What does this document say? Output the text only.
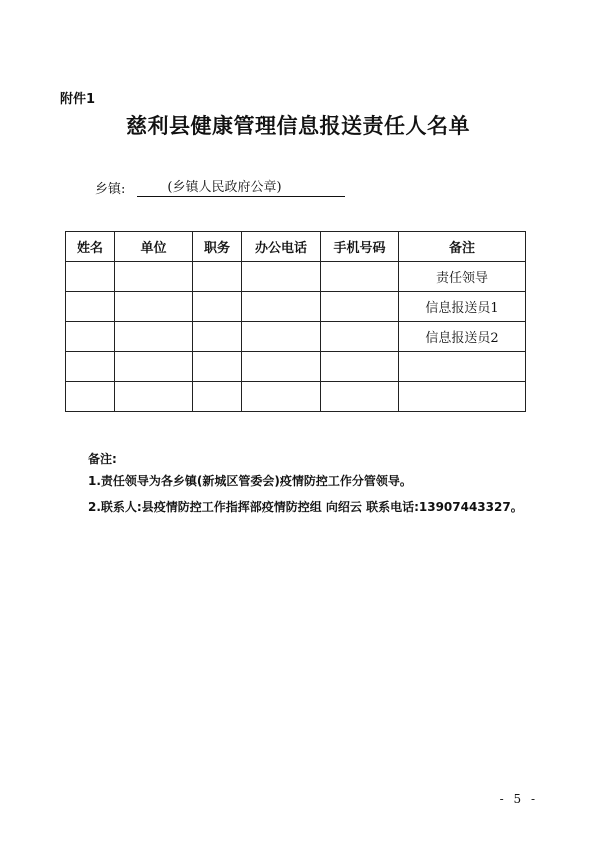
附件1
慈利县健康管理信息报送责任人名单
乡镇:	(乡镇人民政府公章)
姓名	单位	职务	办公电话	手机号码	备注
					责任领导
					信息报送员1
					信息报送员2

备注:
1.责任领导为各乡镇(新城区管委会)疫情防控工作分管领导。
2.联系人:县疫情防控工作指挥部疫情防控组 向绍云 联系电话:13907443327。
- 5 -
